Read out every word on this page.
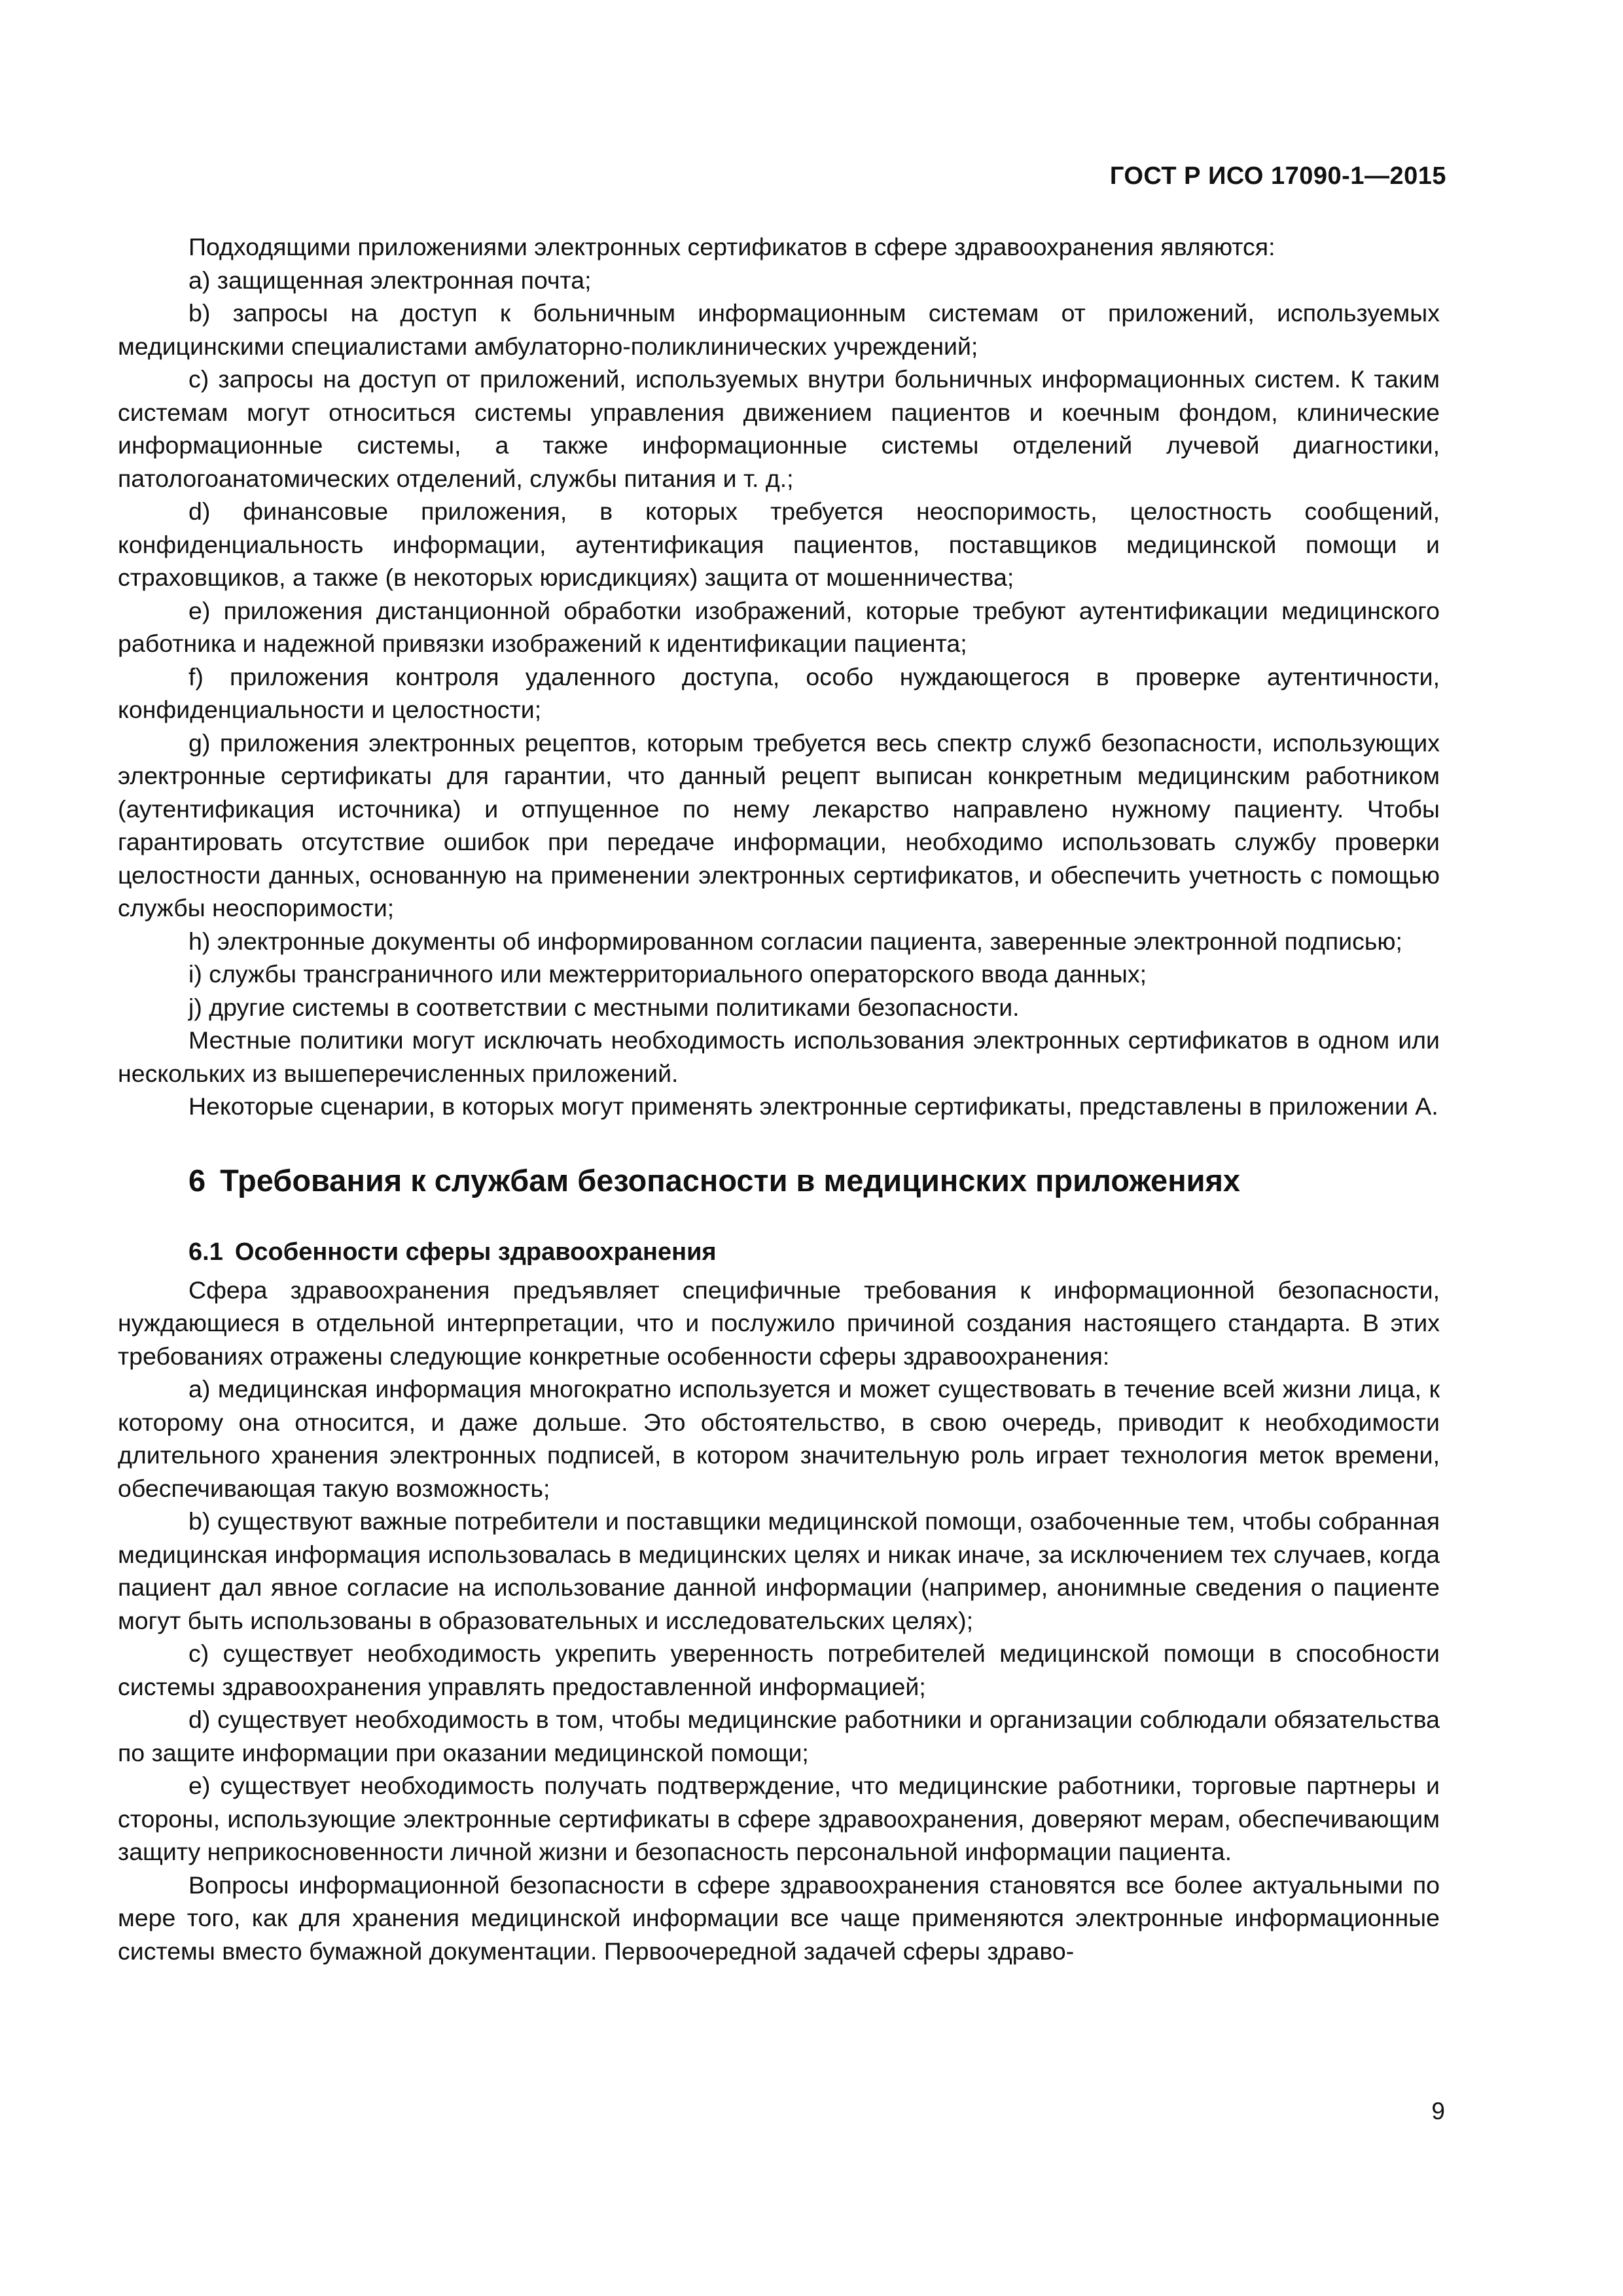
ГОСТ Р ИСО 17090-1—2015

Подходящими приложениями электронных сертификатов в сфере здравоохранения являются:

a) защищенная электронная почта;

b) запросы на доступ к больничным информационным системам от приложений, используемых медицинскими специалистами амбулаторно-поликлинических учреждений;

c) запросы на доступ от приложений, используемых внутри больничных информационных систем. К таким системам могут относиться системы управления движением пациентов и коечным фондом, клинические информационные системы, а также информационные системы отделений лучевой диагностики, патологоанатомических отделений, службы питания и т. д.;

d) финансовые приложения, в которых требуется неоспоримость, целостность сообщений, конфиденциальность информации, аутентификация пациентов, поставщиков медицинской помощи и страховщиков, а также (в некоторых юрисдикциях) защита от мошенничества;

e) приложения дистанционной обработки изображений, которые требуют аутентификации медицинского работника и надежной привязки изображений к идентификации пациента;

f) приложения контроля удаленного доступа, особо нуждающегося в проверке аутентичности, конфиденциальности и целостности;

g) приложения электронных рецептов, которым требуется весь спектр служб безопасности, использующих электронные сертификаты для гарантии, что данный рецепт выписан конкретным медицинским работником (аутентификация источника) и отпущенное по нему лекарство направлено нужному пациенту. Чтобы гарантировать отсутствие ошибок при передаче информации, необходимо использовать службу проверки целостности данных, основанную на применении электронных сертификатов, и обеспечить учетность с помощью службы неоспоримости;

h) электронные документы об информированном согласии пациента, заверенные электронной подписью;

i) службы трансграничного или межтерриториального операторского ввода данных;

j) другие системы в соответствии с местными политиками безопасности.

Местные политики могут исключать необходимость использования электронных сертификатов в одном или нескольких из вышеперечисленных приложений.

Некоторые сценарии, в которых могут применять электронные сертификаты, представлены в приложении А.

6 Требования к службам безопасности в медицинских приложениях
6.1 Особенности сферы здравоохранения

Сфера здравоохранения предъявляет специфичные требования к информационной безопасности, нуждающиеся в отдельной интерпретации, что и послужило причиной создания настоящего стандарта. В этих требованиях отражены следующие конкретные особенности сферы здравоохранения:

a) медицинская информация многократно используется и может существовать в течение всей жизни лица, к которому она относится, и даже дольше. Это обстоятельство, в свою очередь, приводит к необходимости длительного хранения электронных подписей, в котором значительную роль играет технология меток времени, обеспечивающая такую возможность;

b) существуют важные потребители и поставщики медицинской помощи, озабоченные тем, чтобы собранная медицинская информация использовалась в медицинских целях и никак иначе, за исключением тех случаев, когда пациент дал явное согласие на использование данной информации (например, анонимные сведения о пациенте могут быть использованы в образовательных и исследовательских целях);

c) существует необходимость укрепить уверенность потребителей медицинской помощи в способности системы здравоохранения управлять предоставленной информацией;

d) существует необходимость в том, чтобы медицинские работники и организации соблюдали обязательства по защите информации при оказании медицинской помощи;

e) существует необходимость получать подтверждение, что медицинские работники, торговые партнеры и стороны, использующие электронные сертификаты в сфере здравоохранения, доверяют мерам, обеспечивающим защиту неприкосновенности личной жизни и безопасность персональной информации пациента.

Вопросы информационной безопасности в сфере здравоохранения становятся все более актуальными по мере того, как для хранения медицинской информации все чаще применяются электронные информационные системы вместо бумажной документации. Первоочередной задачей сферы здраво-

9
